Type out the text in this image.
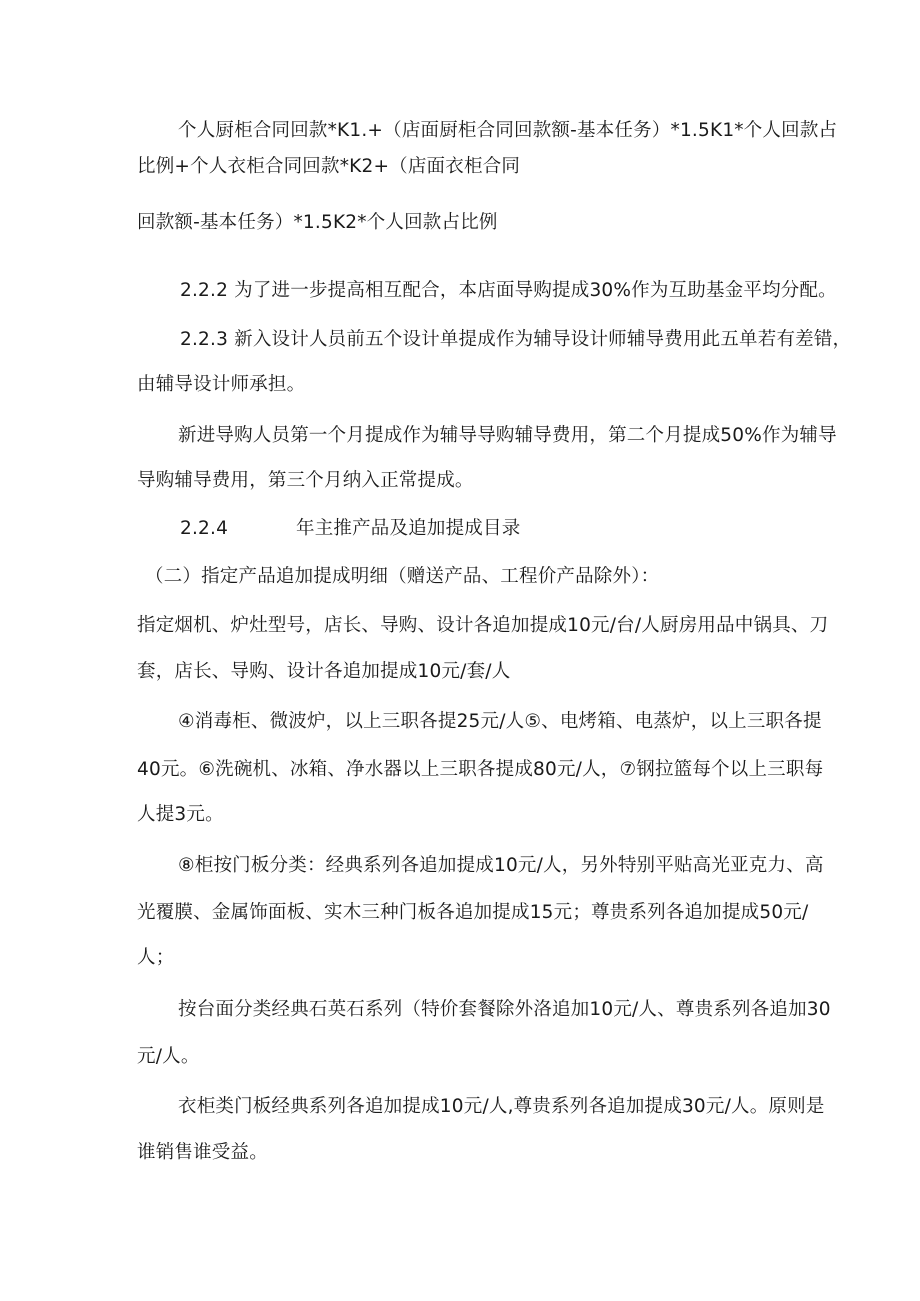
个人厨柜合同回款*K1.+（店面厨柜合同回款额-基本任务）*1.5K1*个人回款占
比例+个人衣柜合同回款*K2+（店面衣柜合同
回款额-基本任务）*1.5K2*个人回款占比例
2.2.2 为了进一步提高相互配合，本店面导购提成30%作为互助基金平均分配。
2.2.3 新入设计人员前五个设计单提成作为辅导设计师辅导费用此五单若有差错，
由辅导设计师承担。
新进导购人员第一个月提成作为辅导导购辅导费用，第二个月提成50%作为辅导
导购辅导费用，第三个月纳入正常提成。
2.2.4	年主推产品及追加提成目录
（二）指定产品追加提成明细（赠送产品、工程价产品除外）：
指定烟机、炉灶型号，店长、导购、设计各追加提成10元/台/人厨房用品中锅具、刀
套，店长、导购、设计各追加提成10元/套/人
④消毒柜、微波炉，以上三职各提25元/人⑤、电烤箱、电蒸炉，以上三职各提
40元。⑥洗碗机、冰箱、净水器以上三职各提成80元/人，⑦钢拉篮每个以上三职每
人提3元。
⑧柜按门板分类：经典系列各追加提成10元/人，另外特别平贴高光亚克力、高
光覆膜、金属饰面板、实木三种门板各追加提成15元；尊贵系列各追加提成50元/
人；
按台面分类经典石英石系列（特价套餐除外洛追加10元/人、尊贵系列各追加30
元/人。
衣柜类门板经典系列各追加提成10元/人,尊贵系列各追加提成30元/人。原则是
谁销售谁受益。
